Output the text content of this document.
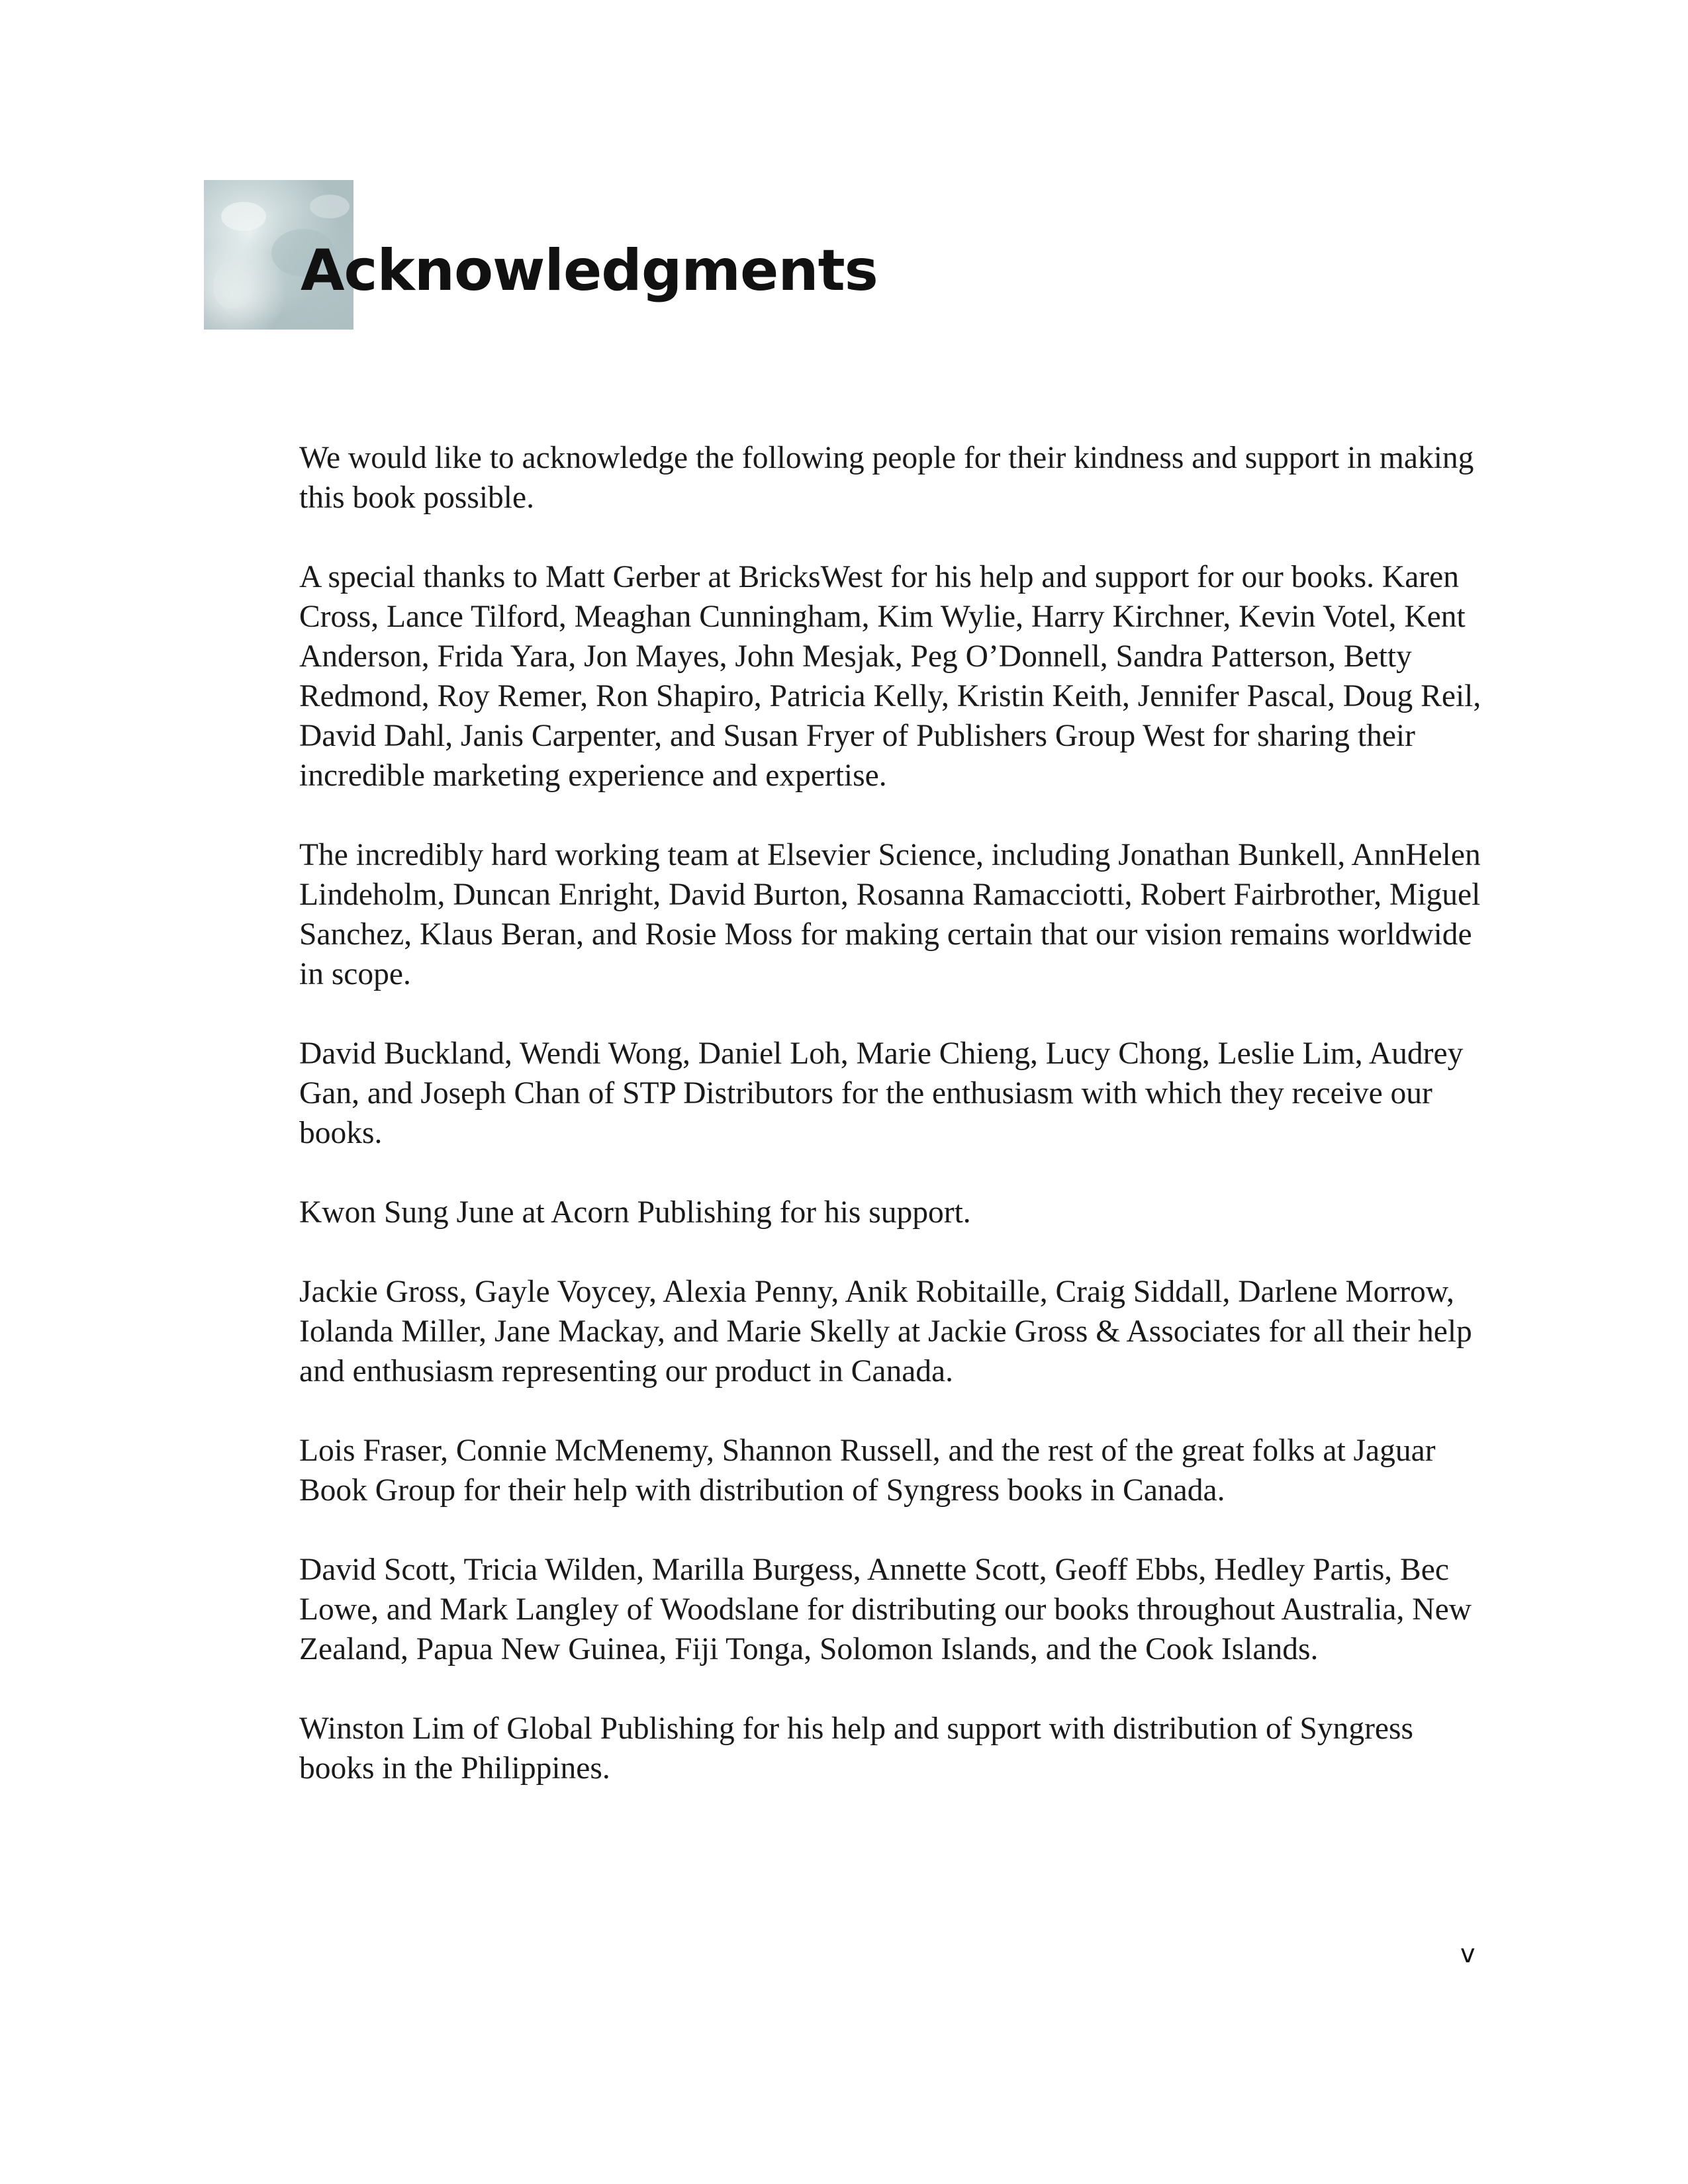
Acknowledgments

We would like to acknowledge the following people for their kindness and support in making this book possible.

A special thanks to Matt Gerber at BricksWest for his help and support for our books. Karen Cross, Lance Tilford, Meaghan Cunningham, Kim Wylie, Harry Kirchner, Kevin Votel, Kent Anderson, Frida Yara, Jon Mayes, John Mesjak, Peg O’Donnell, Sandra Patterson, Betty Redmond, Roy Remer, Ron Shapiro, Patricia Kelly, Kristin Keith, Jennifer Pascal, Doug Reil, David Dahl, Janis Carpenter, and Susan Fryer of Publishers Group West for sharing their incredible marketing experience and expertise.

The incredibly hard working team at Elsevier Science, including Jonathan Bunkell, AnnHelen Lindeholm, Duncan Enright, David Burton, Rosanna Ramacciotti, Robert Fairbrother, Miguel Sanchez, Klaus Beran, and Rosie Moss for making certain that our vision remains worldwide in scope.

David Buckland, Wendi Wong, Daniel Loh, Marie Chieng, Lucy Chong, Leslie Lim, Audrey Gan, and Joseph Chan of STP Distributors for the enthusiasm with which they receive our books.

Kwon Sung June at Acorn Publishing for his support.

Jackie Gross, Gayle Voycey, Alexia Penny, Anik Robitaille, Craig Siddall, Darlene Morrow, Iolanda Miller, Jane Mackay, and Marie Skelly at Jackie Gross & Associates for all their help and enthusiasm representing our product in Canada.

Lois Fraser, Connie McMenemy, Shannon Russell, and the rest of the great folks at Jaguar Book Group for their help with distribution of Syngress books in Canada.

David Scott, Tricia Wilden, Marilla Burgess, Annette Scott, Geoff Ebbs, Hedley Partis, Bec Lowe, and Mark Langley of Woodslane for distributing our books throughout Australia, New Zealand, Papua New Guinea, Fiji Tonga, Solomon Islands, and the Cook Islands.

Winston Lim of Global Publishing for his help and support with distribution of Syngress books in the Philippines.

v
